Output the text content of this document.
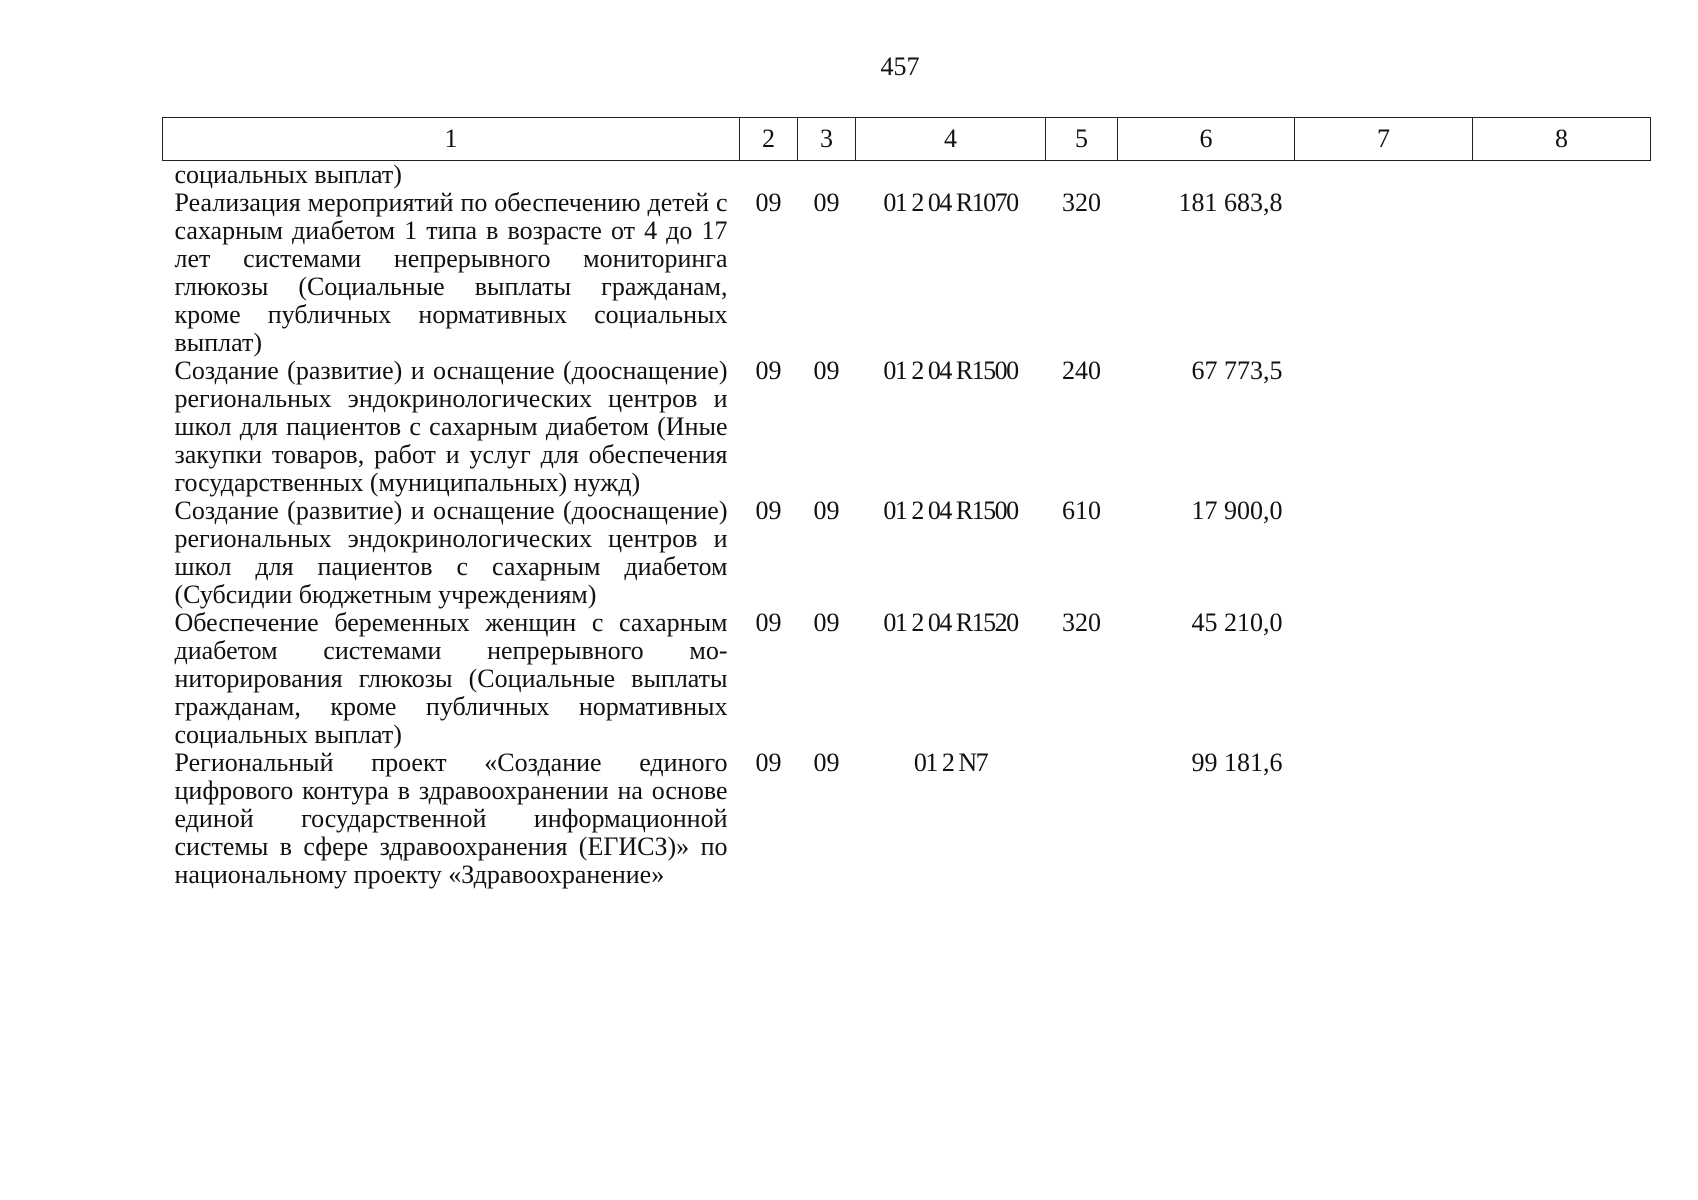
457
1	2	3	4	5	6	7	8
социальных выплат)							
Реализация мероприятий по обеспечению детей с сахарным диабетом 1 типа в возрасте от 4 до 17 лет системами непрерывного мониторинга глюкозы (Социальные выплаты гражданам, кроме публичных нормативных социальных выплат)	09	09	01 2 04 R1070	320	181 683,8		
Создание (развитие) и оснащение (дооcнащение) региональных эндокринологических центров и школ для пациентов с сахарным диабетом (Иные закупки товаров, работ и услуг для обеспечения государственных (муниципальных) нужд)	09	09	01 2 04 R1500	240	67 773,5		
Создание (развитие) и оснащение (дооcнащение) региональных эндокринологических центров и школ для пациентов с сахарным диабетом (Субсидии бюджетным учреждениям)	09	09	01 2 04 R1500	610	17 900,0		
Обеспечение беременных женщин с сахарным диабетом системами непрерывного мониторирования глюкозы (Социальные выплаты гражданам, кроме публичных нормативных социальных выплат)	09	09	01 2 04 R1520	320	45 210,0		
Региональный проект «Создание единого цифрового контура в здравоохранении на основе единой государственной информационной системы в сфере здравоохранения (ЕГИСЗ)» по национальному проекту «Здравоохранение»	09	09	01 2 N7		99 181,6		
